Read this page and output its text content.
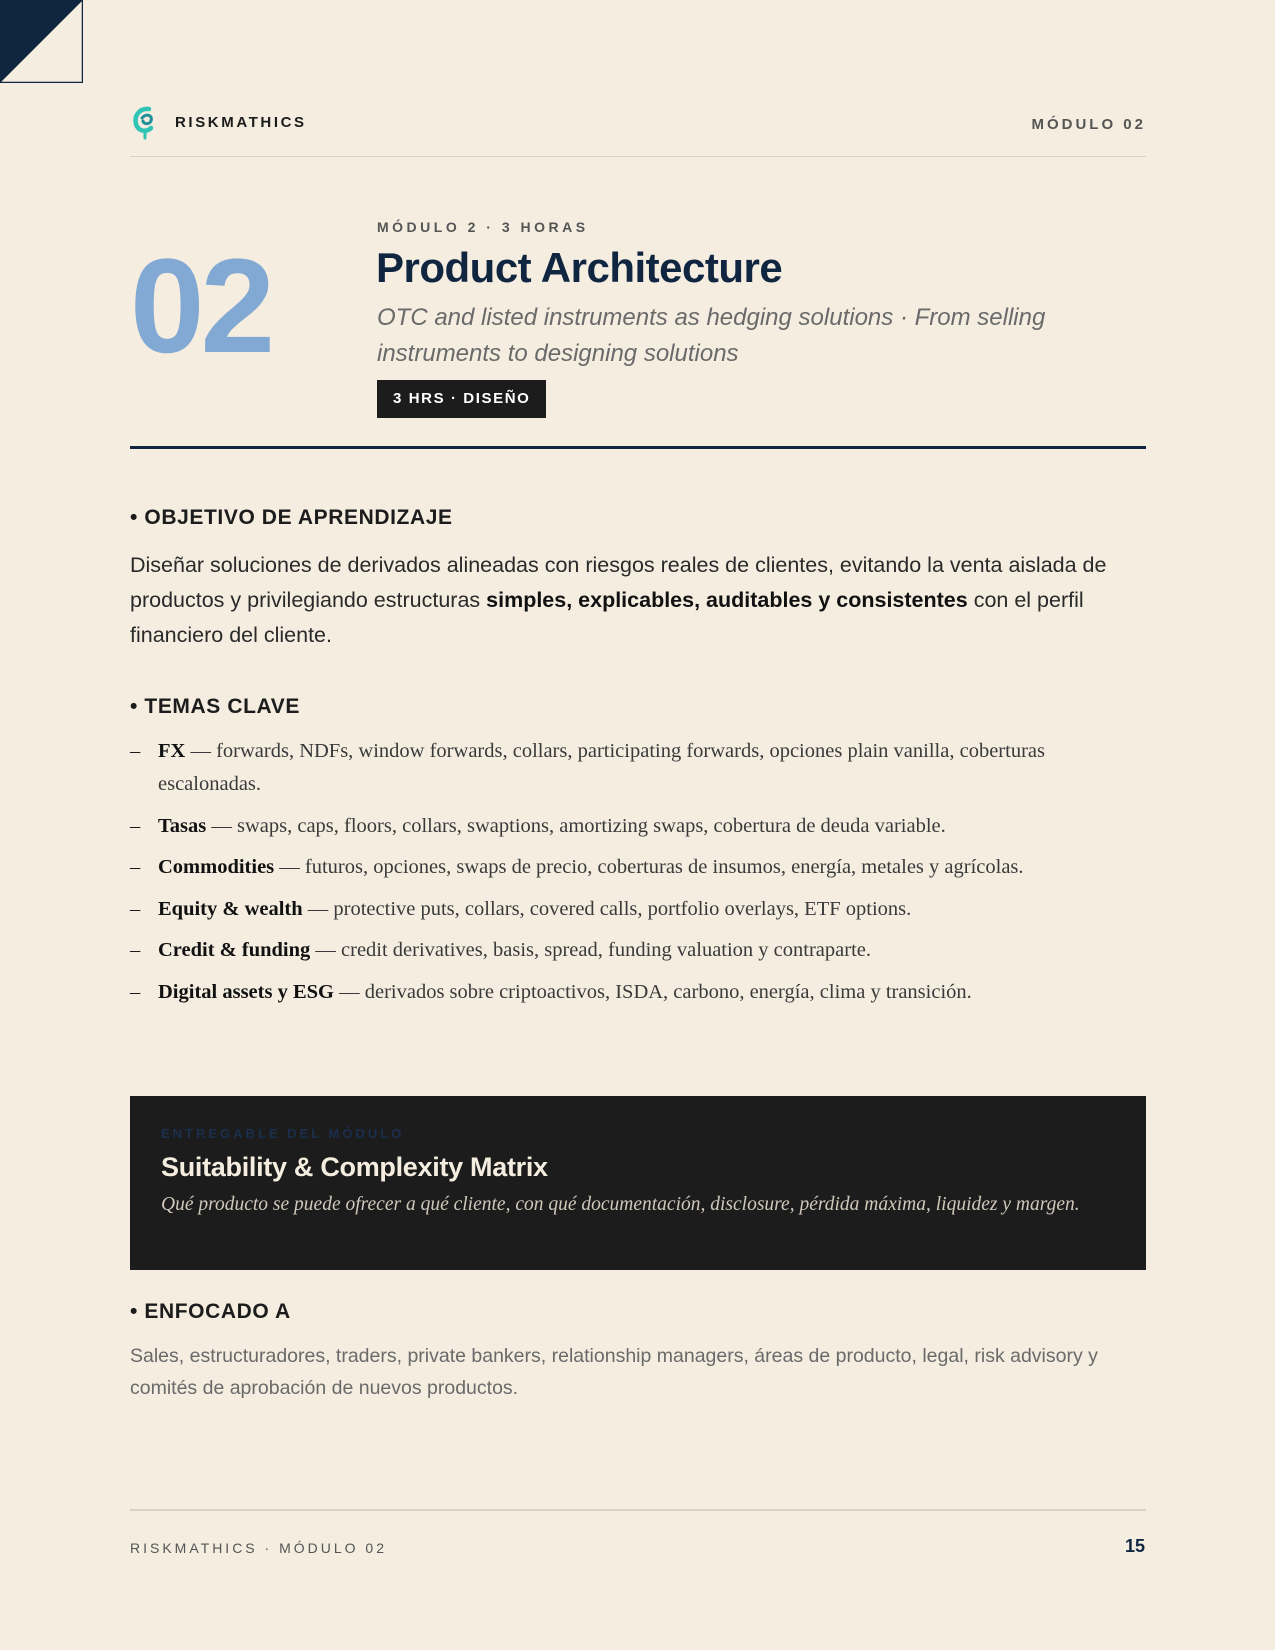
RISKMATHICS	MÓDULO 02
02
MÓDULO 2 · 3 HORAS
Product Architecture
OTC and listed instruments as hedging solutions · From selling instruments to designing solutions
3 HRS · DISEÑO
• OBJETIVO DE APRENDIZAJE
Diseñar soluciones de derivados alineadas con riesgos reales de clientes, evitando la venta aislada de productos y privilegiando estructuras simples, explicables, auditables y consistentes con el perfil financiero del cliente.
• TEMAS CLAVE
– FX — forwards, NDFs, window forwards, collars, participating forwards, opciones plain vanilla, coberturas escalonadas.
– Tasas — swaps, caps, floors, collars, swaptions, amortizing swaps, cobertura de deuda variable.
– Commodities — futuros, opciones, swaps de precio, coberturas de insumos, energía, metales y agrícolas.
– Equity & wealth — protective puts, collars, covered calls, portfolio overlays, ETF options.
– Credit & funding — credit derivatives, basis, spread, funding valuation y contraparte.
– Digital assets y ESG — derivados sobre criptoactivos, ISDA, carbono, energía, clima y transición.
ENTREGABLE DEL MÓDULO
Suitability & Complexity Matrix
Qué producto se puede ofrecer a qué cliente, con qué documentación, disclosure, pérdida máxima, liquidez y margen.
• ENFOCADO A
Sales, estructuradores, traders, private bankers, relationship managers, áreas de producto, legal, risk advisory y comités de aprobación de nuevos productos.
RISKMATHICS · MÓDULO 02	15
